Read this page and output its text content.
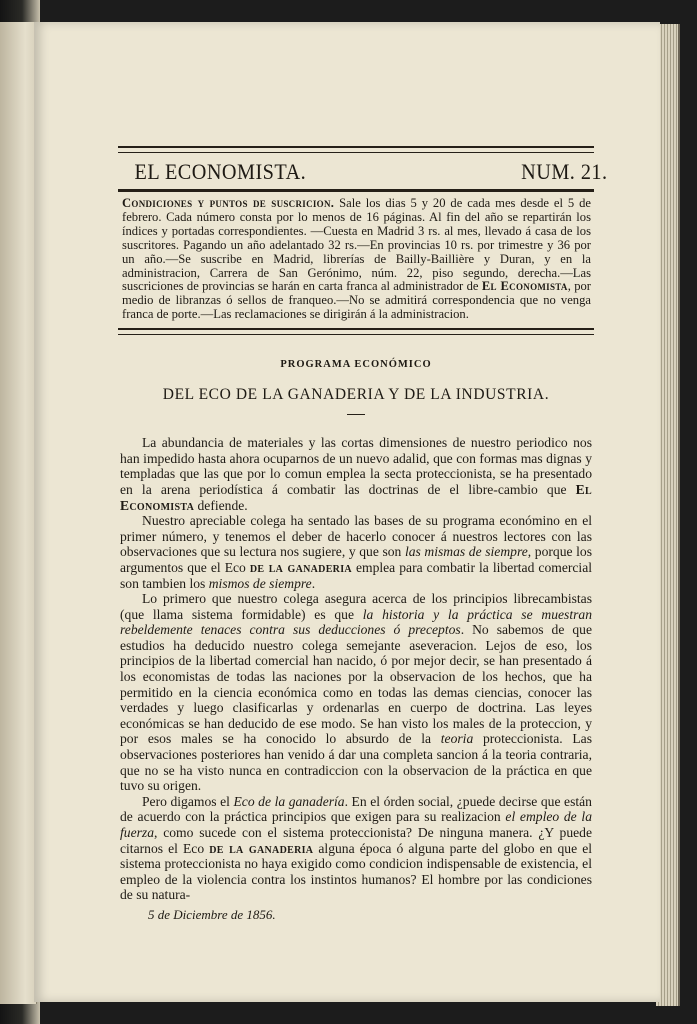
EL ECONOMISTA.	NUM. 21.
Condiciones y puntos de suscricion. Sale los dias 5 y 20 de cada mes desde el 5 de febrero. Cada número consta por lo menos de 16 páginas. Al fin del año se repartirán los índices y portadas correspondientes. —Cuesta en Madrid 3 rs. al mes, llevado á casa de los suscritores. Pagando un año adelantado 32 rs.—En provincias 10 rs. por trimestre y 36 por un año.—Se suscribe en Madrid, librerías de Bailly-Baillière y Duran, y en la administracion, Carrera de San Gerónimo, núm. 22, piso segundo, derecha.—Las suscriciones de provincias se harán en carta franca al administrador de El Economista, por medio de libranzas ó sellos de franqueo.—No se admitirá correspondencia que no venga franca de porte.—Las reclamaciones se dirigirán á la administracion.
PROGRAMA ECONÓMICO
DEL ECO DE LA GANADERIA Y DE LA INDUSTRIA.

La abundancia de materiales y las cortas dimensiones de nuestro periodico nos han impedido hasta ahora ocuparnos de un nuevo adalid, que con formas mas dignas y templadas que las que por lo comun emplea la secta proteccionista, se ha presentado en la arena periodística á combatir las doctrinas de el libre-cambio que El Economista defiende.

Nuestro apreciable colega ha sentado las bases de su programa económino en el primer número, y tenemos el deber de hacerlo conocer á nuestros lectores con las observaciones que su lectura nos sugiere, y que son las mismas de siempre, porque los argumentos que el Eco de la ganaderia emplea para combatir la libertad comercial son tambien los mismos de siempre.

Lo primero que nuestro colega asegura acerca de los principios librecambistas (que llama sistema formidable) es que la historia y la práctica se muestran rebeldemente tenaces contra sus deducciones ó preceptos. No sabemos de que estudios ha deducido nuestro colega semejante aseveracion. Lejos de eso, los principios de la libertad comercial han nacido, ó por mejor decir, se han presentado á los economistas de todas las naciones por la observacion de los hechos, que ha permitido en la ciencia económica como en todas las demas ciencias, conocer las verdades y luego clasificarlas y ordenarlas en cuerpo de doctrina. Las leyes económicas se han deducido de ese modo. Se han visto los males de la proteccion, y por esos males se ha conocido lo absurdo de la teoria proteccionista. Las observaciones posteriores han venido á dar una completa sancion á la teoria contraria, que no se ha visto nunca en contradiccion con la observacion de la práctica en que tuvo su origen.

Pero digamos el Eco de la ganadería. En el órden social, ¿puede decirse que están de acuerdo con la práctica principios que exigen para su realizacion el empleo de la fuerza, como sucede con el sistema proteccionista? De ninguna manera. ¿Y puede citarnos el Eco de la ganaderia alguna época ó alguna parte del globo en que el sistema proteccionista no haya exigido como condicion indispensable de existencia, el empleo de la violencia contra los instintos humanos? El hombre por las condiciones de su natura-

5 de Diciembre de 1856.
